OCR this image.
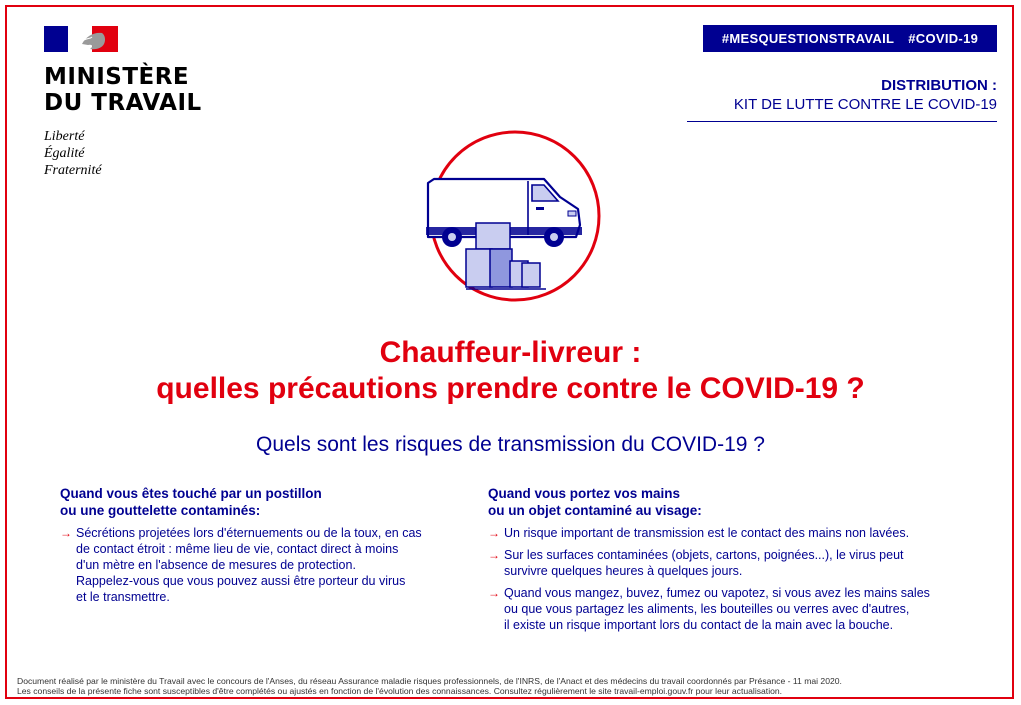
MINISTÈRE
DU TRAVAIL
Liberté
Égalité
Fraternité
#MESQUESTIONSTRAVAIL #COVID-19
DISTRIBUTION :
KIT DE LUTTE CONTRE LE COVID-19
Chauffeur-livreur :
quelles précautions prendre contre le COVID-19 ?
Quels sont les risques de transmission du COVID-19 ?
Quand vous êtes touché par un postillon
ou une gouttelette contaminés:
→ Sécrétions projetées lors d'éternuements ou de la toux, en cas
de contact étroit : même lieu de vie, contact direct à moins
d'un mètre en l'absence de mesures de protection.
Rappelez-vous que vous pouvez aussi être porteur du virus
et le transmettre.
Quand vous portez vos mains
ou un objet contaminé au visage:
→ Un risque important de transmission est le contact des mains non lavées.
→ Sur les surfaces contaminées (objets, cartons, poignées...), le virus peut
survivre quelques heures à quelques jours.
→ Quand vous mangez, buvez, fumez ou vapotez, si vous avez les mains sales
ou que vous partagez les aliments, les bouteilles ou verres avec d'autres,
il existe un risque important lors du contact de la main avec la bouche.
Document réalisé par le ministère du Travail avec le concours de l'Anses, du réseau Assurance maladie risques professionnels, de l'INRS, de l'Anact et des médecins du travail coordonnés par Présance - 11 mai 2020.
Les conseils de la présente fiche sont susceptibles d'être complétés ou ajustés en fonction de l'évolution des connaissances. Consultez régulièrement le site travail-emploi.gouv.fr pour leur actualisation.
